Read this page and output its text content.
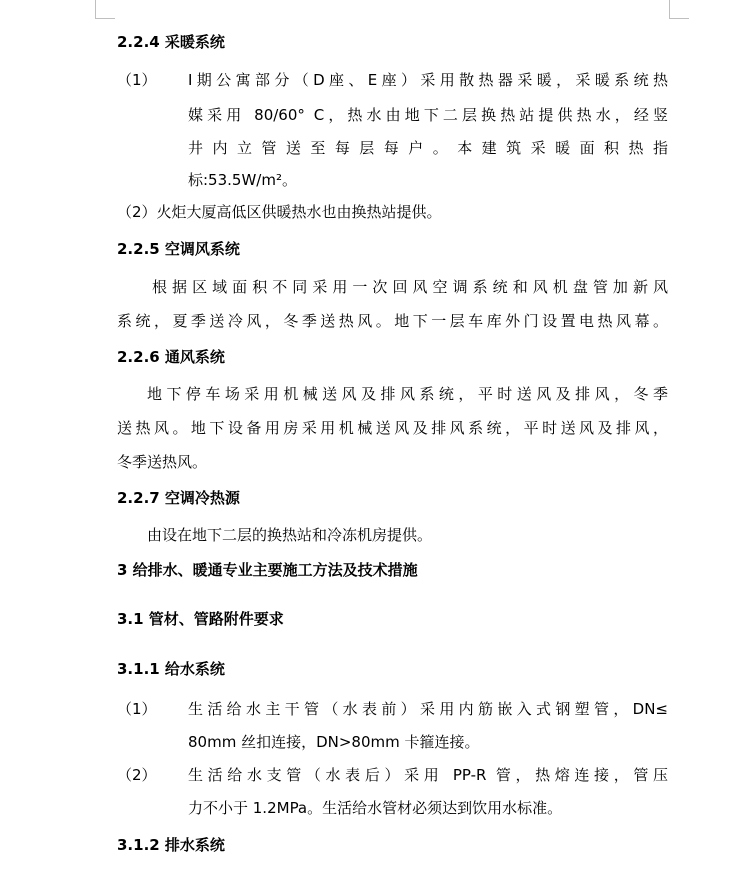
2.2.4 采暖系统
（1） I期公寓部分（D座、E座）采用散热器采暖，采暖系统热
媒采用 80/60° C，热水由地下二层换热站提供热水，经竖
井 内 立 管 送 至 每 层 每 户 。 本 建 筑 采 暖 面 积 热 指
标:53.5W/m²。
（2）火炬大厦高低区供暖热水也由换热站提供。
2.2.5 空调风系统
根据区域面积不同采用一次回风空调系统和风机盘管加新风
系统，夏季送冷风，冬季送热风。地下一层车库外门设置电热风幕。
2.2.6 通风系统
地下停车场采用机械送风及排风系统，平时送风及排风，冬季
送热风。地下设备用房采用机械送风及排风系统，平时送风及排风，
冬季送热风。
2.2.7 空调冷热源
由设在地下二层的换热站和冷冻机房提供。
3 给排水、暖通专业主要施工方法及技术措施
3.1 管材、管路附件要求
3.1.1 给水系统
（1） 生活给水主干管（水表前）采用内筋嵌入式钢塑管，DN≤
80mm 丝扣连接，DN>80mm 卡箍连接。
（2） 生活给水支管（水表后）采用 PP-R 管，热熔连接，管压
力不小于 1.2MPa。生活给水管材必须达到饮用水标准。
3.1.2 排水系统
